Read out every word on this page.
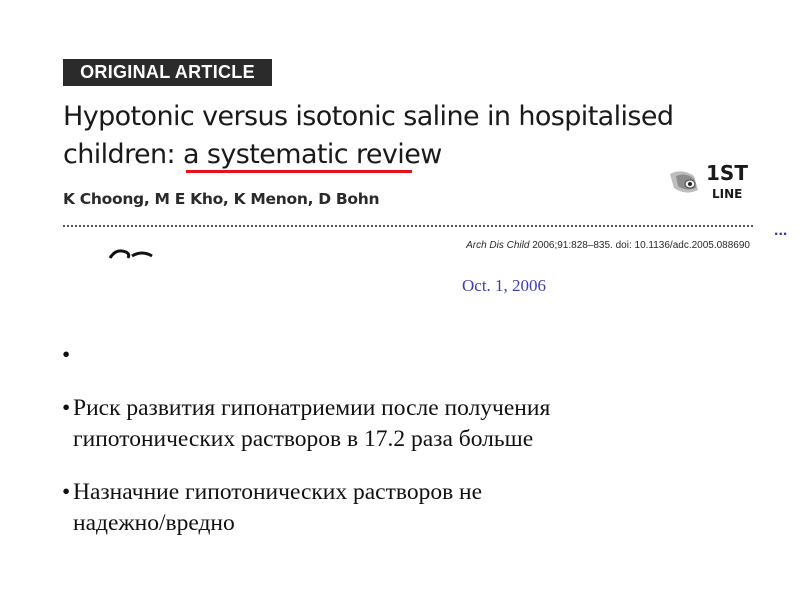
ORIGINAL ARTICLE
Hypotonic versus isotonic saline in hospitalised
children: a systematic review
K Choong, M E Kho, K Menon, D Bohn
1ST
LINE
...
Arch Dis Child 2006;91:828–835. doi: 10.1136/adc.2005.088690
Oct. 1, 2006
•
• Риск развития гипонатриемии после получения
гипотонических растворов в 17.2 раза больше
• Назначние гипотонических растворов не
надежно/вредно
